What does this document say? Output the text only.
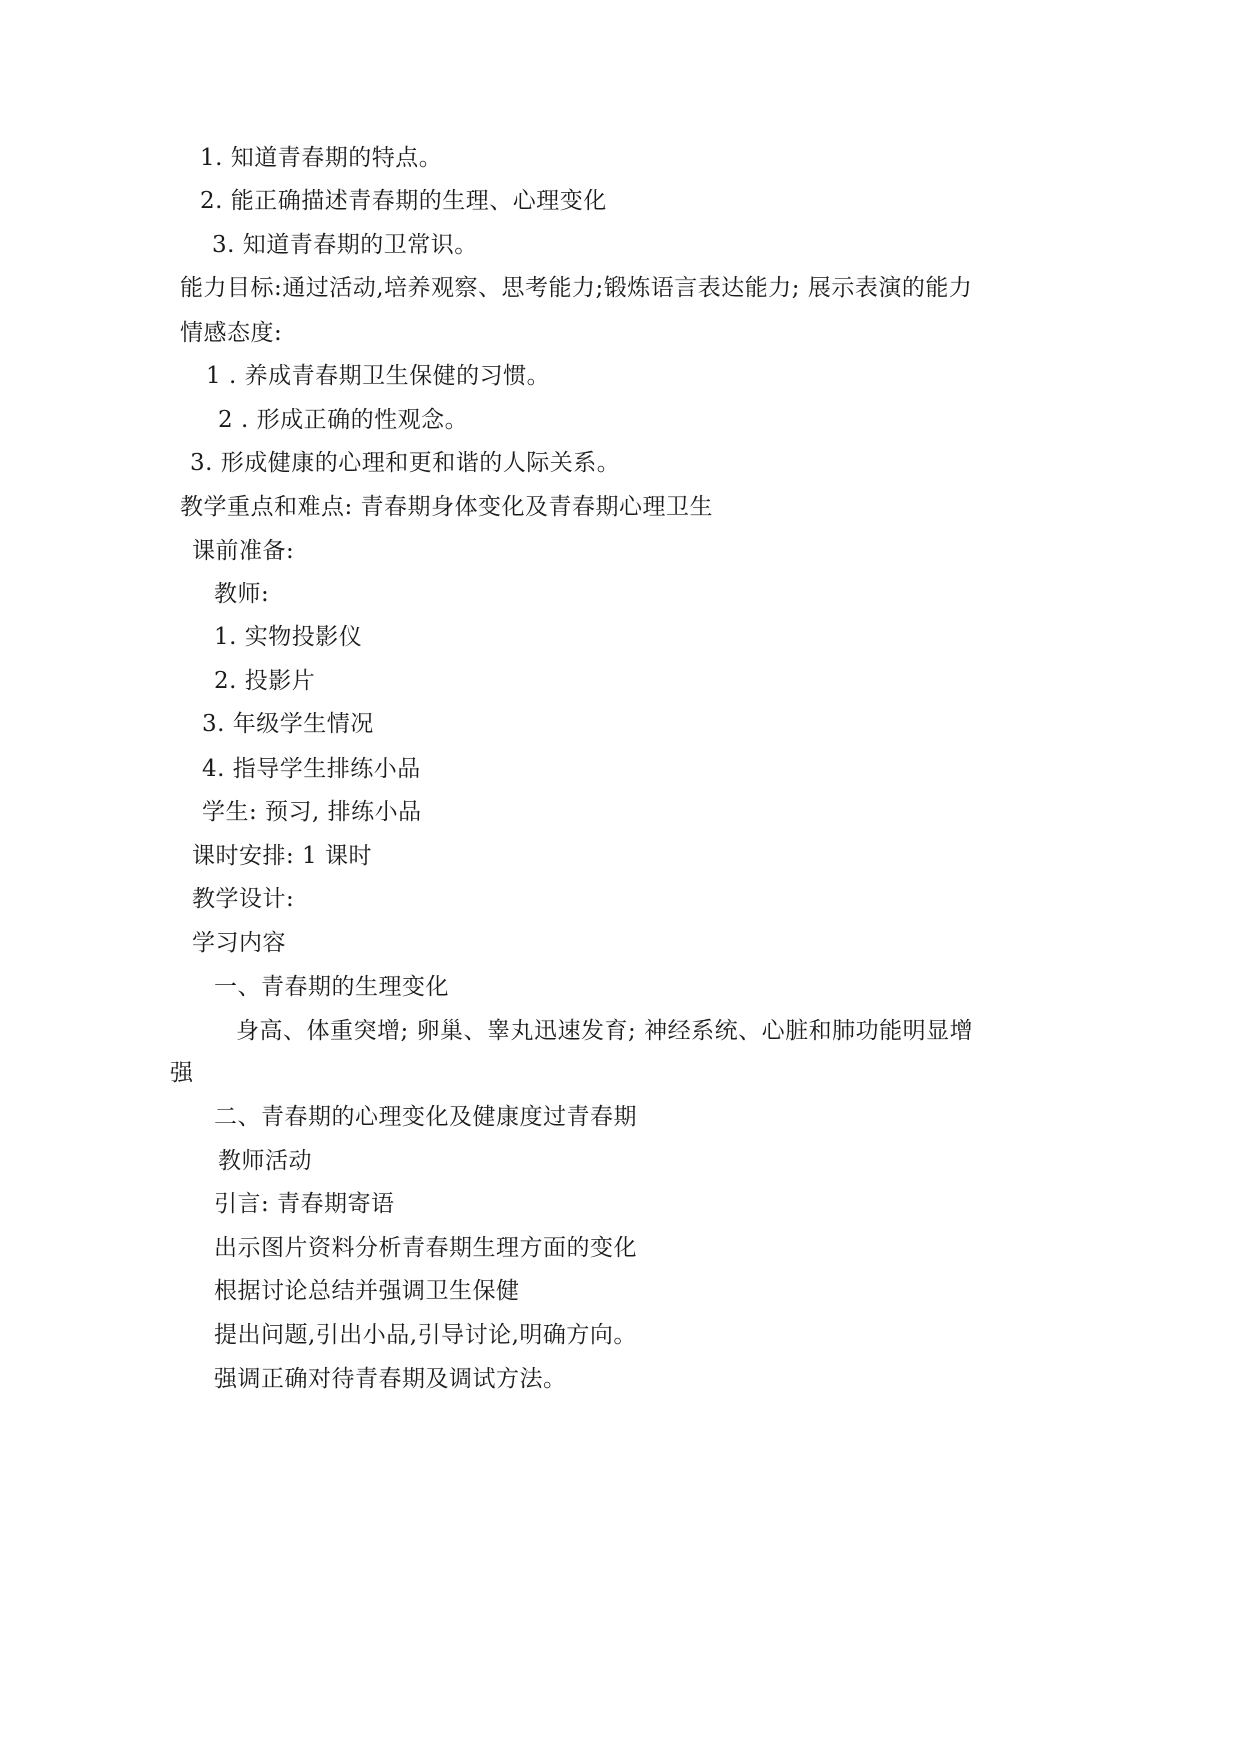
1. 知道青春期的特点。
2. 能正确描述青春期的生理、心理变化
3. 知道青春期的卫常识。
能力目标:通过活动,培养观察、思考能力;锻炼语言表达能力; 展示表演的能力
情感态度:
1 . 养成青春期卫生保健的习惯。
2 . 形成正确的性观念。
3. 形成健康的心理和更和谐的人际关系。
教学重点和难点: 青春期身体变化及青春期心理卫生
课前准备:
教师:
1. 实物投影仪
2. 投影片
3. 年级学生情况
4. 指导学生排练小品
学生: 预习, 排练小品
课时安排: 1 课时
教学设计:
学习内容
一、青春期的生理变化
身高、体重突增; 卵巢、睾丸迅速发育; 神经系统、心脏和肺功能明显增
强
二、青春期的心理变化及健康度过青春期
教师活动
引言: 青春期寄语
出示图片资料分析青春期生理方面的变化
根据讨论总结并强调卫生保健
提出问题,引出小品,引导讨论,明确方向。
强调正确对待青春期及调试方法。
